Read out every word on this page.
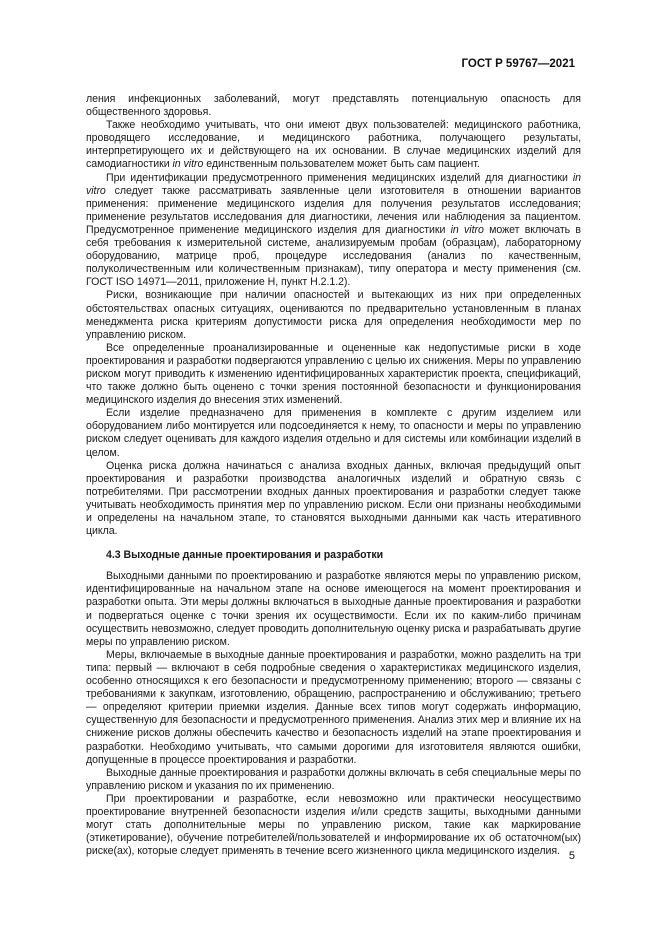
ГОСТ Р 59767—2021

ления инфекционных заболеваний, могут представлять потенциальную опасность для общественного здоровья.

Также необходимо учитывать, что они имеют двух пользователей: медицинского работника, проводящего исследование, и медицинского работника, получающего результаты, интерпретирующего их и действующего на их основании. В случае медицинских изделий для самодиагностики in vitro единственным пользователем может быть сам пациент.

При идентификации предусмотренного применения медицинских изделий для диагностики in vitro следует также рассматривать заявленные цели изготовителя в отношении вариантов применения: применение медицинского изделия для получения результатов исследования; применение результатов исследования для диагностики, лечения или наблюдения за пациентом. Предусмотренное применение медицинского изделия для диагностики in vitro может включать в себя требования к измерительной системе, анализируемым пробам (образцам), лабораторному оборудованию, матрице проб, процедуре исследования (анализ по качественным, полуколичественным или количественным признакам), типу оператора и месту применения (см. ГОСТ ISO 14971—2011, приложение H, пункт H.2.1.2).

Риски, возникающие при наличии опасностей и вытекающих из них при определенных обстоятельствах опасных ситуациях, оцениваются по предварительно установленным в планах менеджмента риска критериям допустимости риска для определения необходимости мер по управлению риском.

Все определенные проанализированные и оцененные как недопустимые риски в ходе проектирования и разработки подвергаются управлению с целью их снижения. Меры по управлению риском могут приводить к изменению идентифицированных характеристик проекта, спецификаций, что также должно быть оценено с точки зрения постоянной безопасности и функционирования медицинского изделия до внесения этих изменений.

Если изделие предназначено для применения в комплекте с другим изделием или оборудованием либо монтируется или подсоединяется к нему, то опасности и меры по управлению риском следует оценивать для каждого изделия отдельно и для системы или комбинации изделий в целом.

Оценка риска должна начинаться с анализа входных данных, включая предыдущий опыт проектирования и разработки производства аналогичных изделий и обратную связь с потребителями. При рассмотрении входных данных проектирования и разработки следует также учитывать необходимость принятия мер по управлению риском. Если они признаны необходимыми и определены на начальном этапе, то становятся выходными данными как часть итеративного цикла.

4.3 Выходные данные проектирования и разработки

Выходными данными по проектированию и разработке являются меры по управлению риском, идентифицированные на начальном этапе на основе имеющегося на момент проектирования и разработки опыта. Эти меры должны включаться в выходные данные проектирования и разработки и подвергаться оценке с точки зрения их осуществимости. Если их по каким-либо причинам осуществить невозможно, следует проводить дополнительную оценку риска и разрабатывать другие меры по управлению риском.

Меры, включаемые в выходные данные проектирования и разработки, можно разделить на три типа: первый — включают в себя подробные сведения о характеристиках медицинского изделия, особенно относящихся к его безопасности и предусмотренному применению; второго — связаны с требованиями к закупкам, изготовлению, обращению, распространению и обслуживанию; третьего — определяют критерии приемки изделия. Данные всех типов могут содержать информацию, существенную для безопасности и предусмотренного применения. Анализ этих мер и влияние их на снижение рисков должны обеспечить качество и безопасность изделий на этапе проектирования и разработки. Необходимо учитывать, что самыми дорогими для изготовителя являются ошибки, допущенные в процессе проектирования и разработки.

Выходные данные проектирования и разработки должны включать в себя специальные меры по управлению риском и указания по их применению.

При проектировании и разработке, если невозможно или практически неосуществимо проектирование внутренней безопасности изделия и/или средств защиты, выходными данными могут стать дополнительные меры по управлению риском, такие как маркирование (этикетирование), обучение потребителей/пользователей и информирование их об остаточном(ых) риске(ах), которые следует применять в течение всего жизненного цикла медицинского изделия. 5
